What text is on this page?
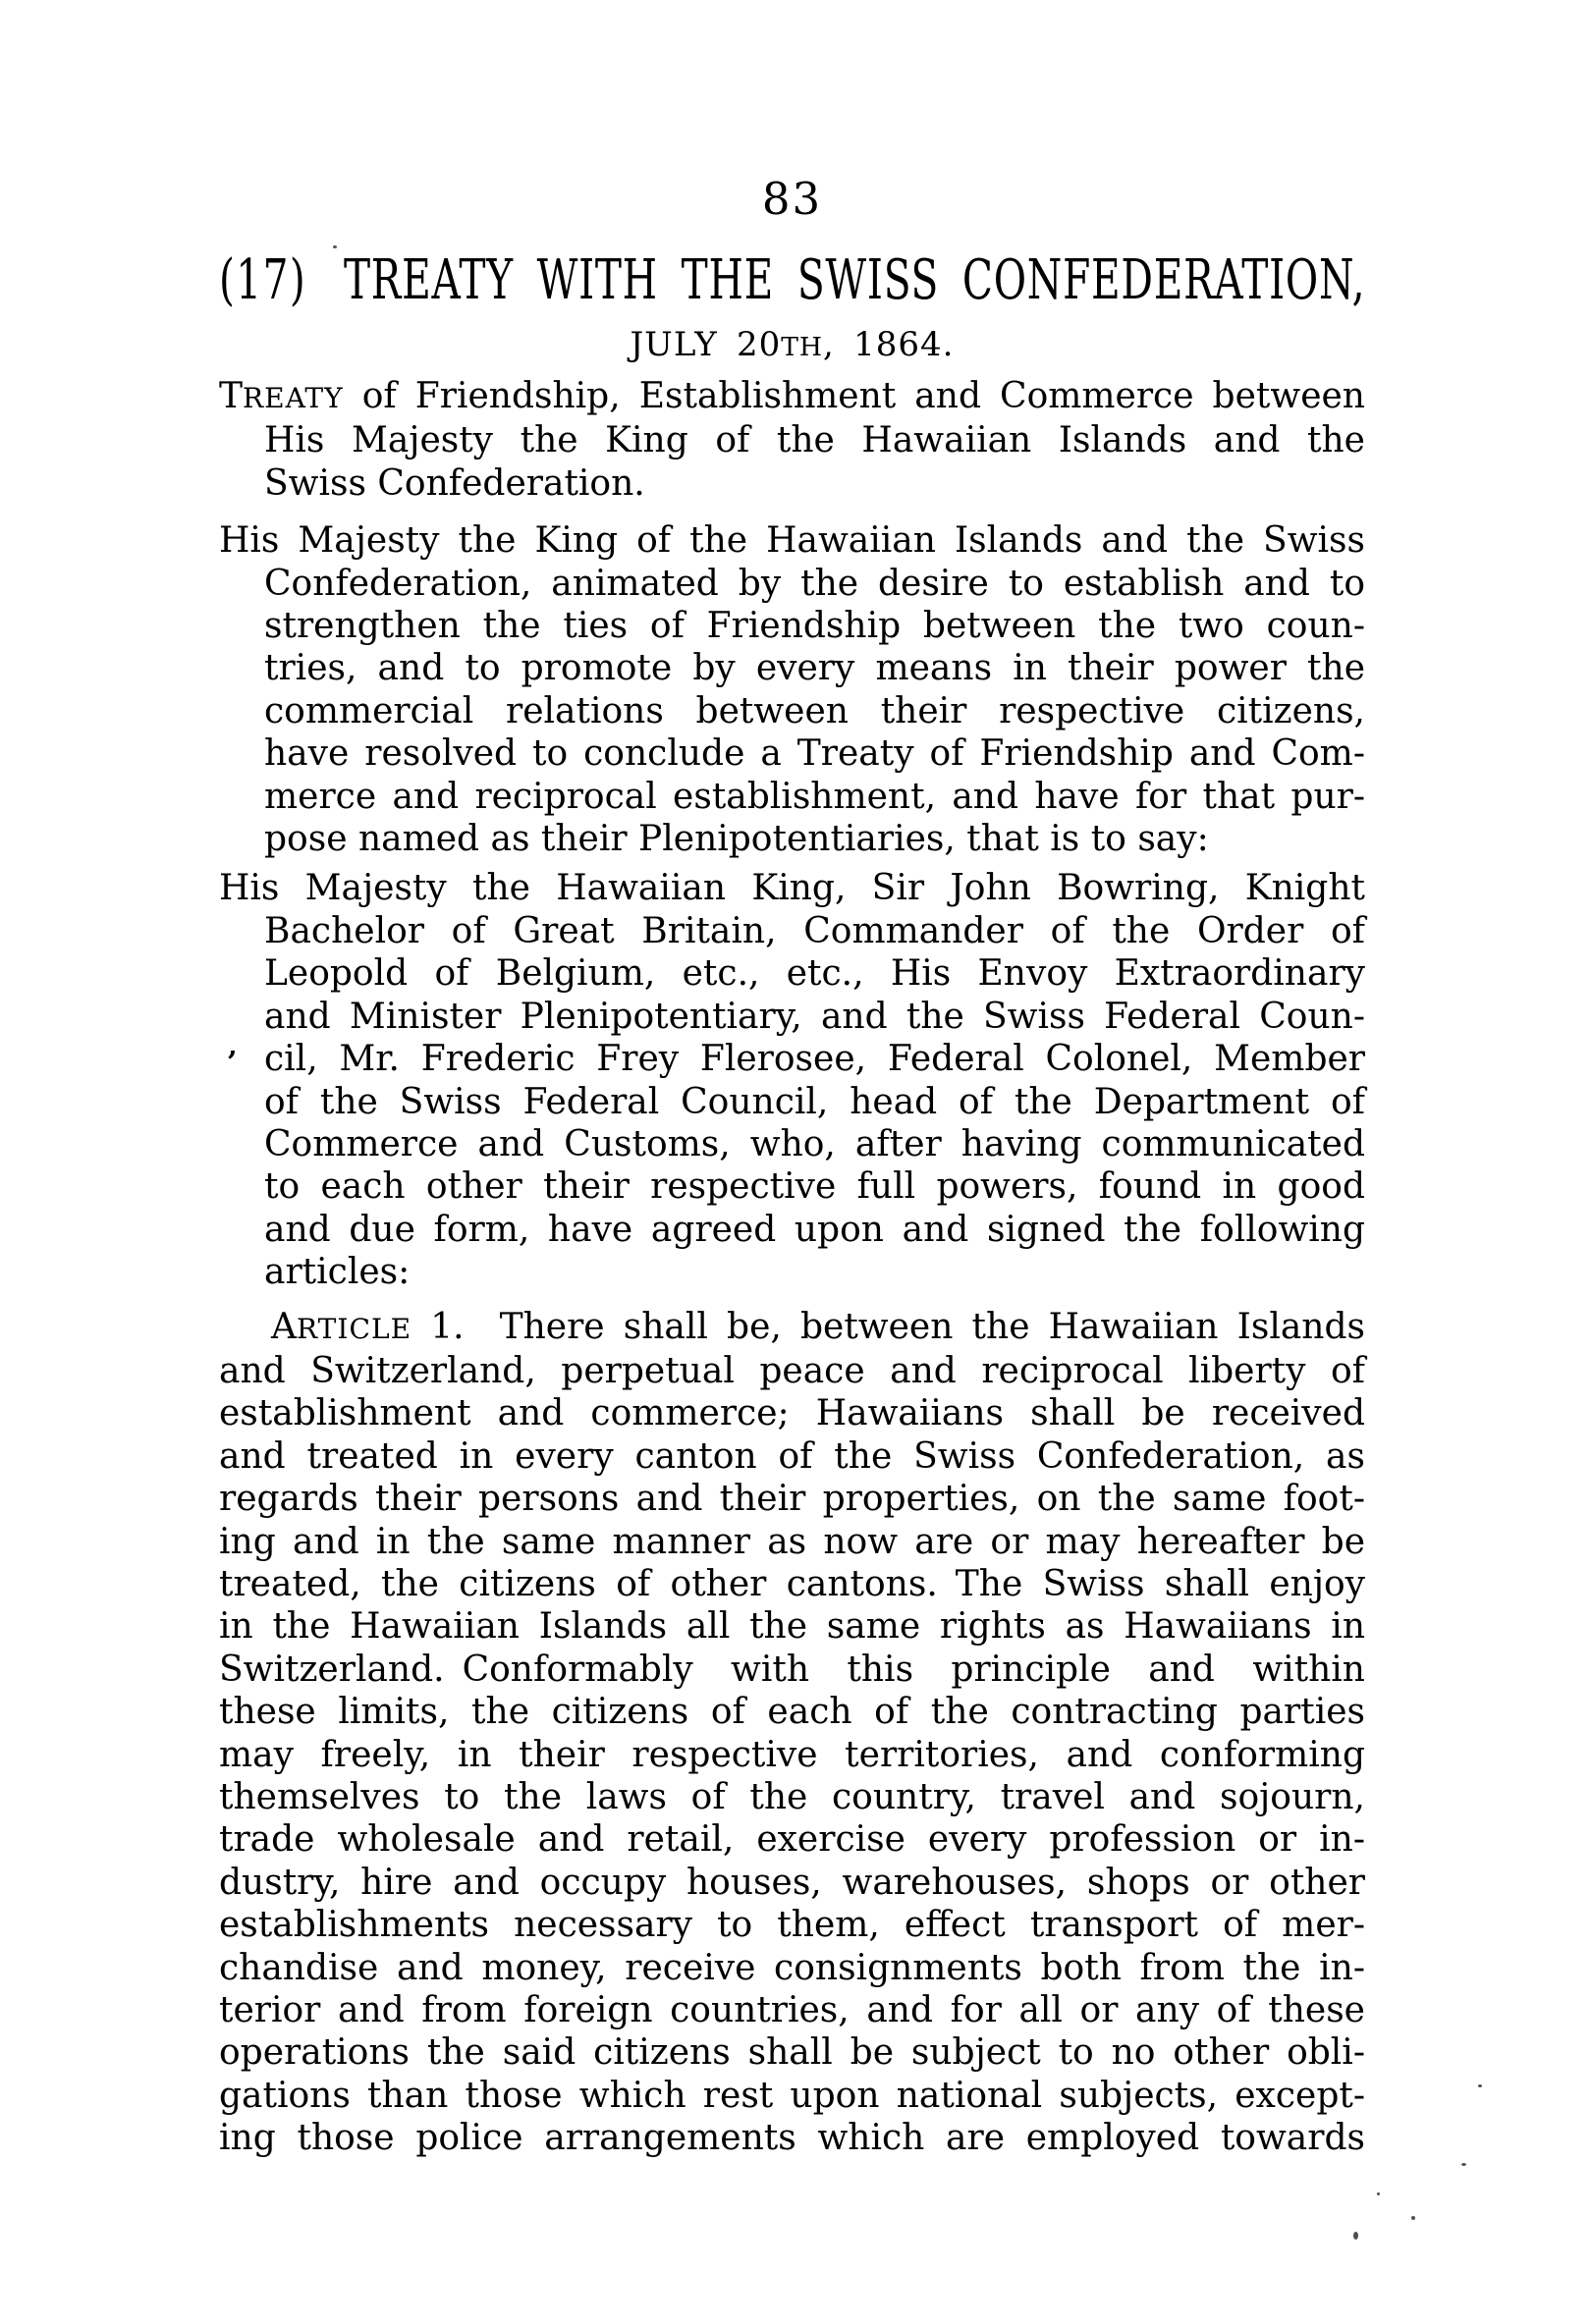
83
(17) TREATY WITH THE SWISS CONFEDERATION,
JULY 20TH, 1864.
TREATY of Friendship, Establishment and Commerce between
His Majesty the King of the Hawaiian Islands and the
Swiss Confederation.
His Majesty the King of the Hawaiian Islands and the Swiss
Confederation, animated by the desire to establish and to
strengthen the ties of Friendship between the two coun-
tries, and to promote by every means in their power the
commercial relations between their respective citizens,
have resolved to conclude a Treaty of Friendship and Com-
merce and reciprocal establishment, and have for that pur-
pose named as their Plenipotentiaries, that is to say:
His Majesty the Hawaiian King, Sir John Bowring, Knight
Bachelor of Great Britain, Commander of the Order of
Leopold of Belgium, etc., etc., His Envoy Extraordinary
and Minister Plenipotentiary, and the Swiss Federal Coun-
cil, Mr. Frederic Frey Flerosee, Federal Colonel, Member
’
of the Swiss Federal Council, head of the Department of
Commerce and Customs, who, after having communicated
to each other their respective full powers, found in good
and due form, have agreed upon and signed the following
articles:
ARTICLE 1. There shall be, between the Hawaiian Islands
and Switzerland, perpetual peace and reciprocal liberty of
establishment and commerce; Hawaiians shall be received
and treated in every canton of the Swiss Confederation, as
regards their persons and their properties, on the same foot-
ing and in the same manner as now are or may hereafter be
treated, the citizens of other cantons. The Swiss shall enjoy
in the Hawaiian Islands all the same rights as Hawaiians in
Switzerland. Conformably with this principle and within
these limits, the citizens of each of the contracting parties
may freely, in their respective territories, and conforming
themselves to the laws of the country, travel and sojourn,
trade wholesale and retail, exercise every profession or in-
dustry, hire and occupy houses, warehouses, shops or other
establishments necessary to them, effect transport of mer-
chandise and money, receive consignments both from the in-
terior and from foreign countries, and for all or any of these
operations the said citizens shall be subject to no other obli-
gations than those which rest upon national subjects, except-
ing those police arrangements which are employed towards
